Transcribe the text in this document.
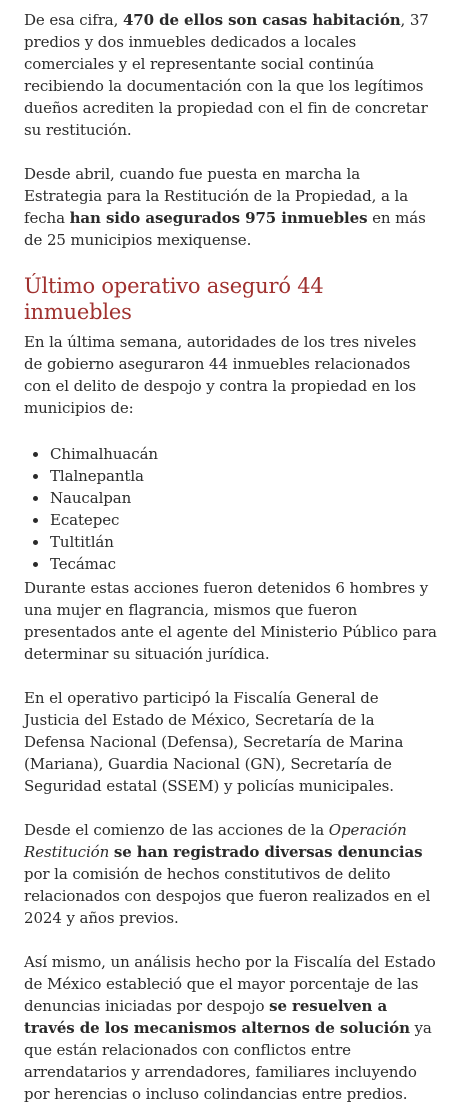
De esa cifra, 470 de ellos son casas habitación, 37 predios y dos inmuebles dedicados a locales comerciales y el representante social continúa recibiendo la documentación con la que los legítimos dueños acrediten la propiedad con el fin de concretar su restitución.

Desde abril, cuando fue puesta en marcha la Estrategia para la Restitución de la Propiedad, a la fecha han sido asegurados 975 inmuebles en más de 25 municipios mexiquense.

Último operativo aseguró 44 inmuebles

En la última semana, autoridades de los tres niveles de gobierno aseguraron 44 inmuebles relacionados con el delito de despojo y contra la propiedad en los municipios de:

Chimalhuacán
Tlalnepantla
Naucalpan
Ecatepec
Tultitlán
Tecámac

Durante estas acciones fueron detenidos 6 hombres y una mujer en flagrancia, mismos que fueron presentados ante el agente del Ministerio Público para determinar su situación jurídica.

En el operativo participó la Fiscalía General de Justicia del Estado de México, Secretaría de la Defensa Nacional (Defensa), Secretaría de Marina (Mariana), Guardia Nacional (GN), Secretaría de Seguridad estatal (SSEM) y policías municipales.

Desde el comienzo de las acciones de la Operación Restitución se han registrado diversas denuncias por la comisión de hechos constitutivos de delito relacionados con despojos que fueron realizados en el 2024 y años previos.

Así mismo, un análisis hecho por la Fiscalía del Estado de México estableció que el mayor porcentaje de las denuncias iniciadas por despojo se resuelven a través de los mecanismos alternos de solución ya que están relacionados con conflictos entre arrendatarios y arrendadores, familiares incluyendo por herencias o incluso colindancias entre predios.
